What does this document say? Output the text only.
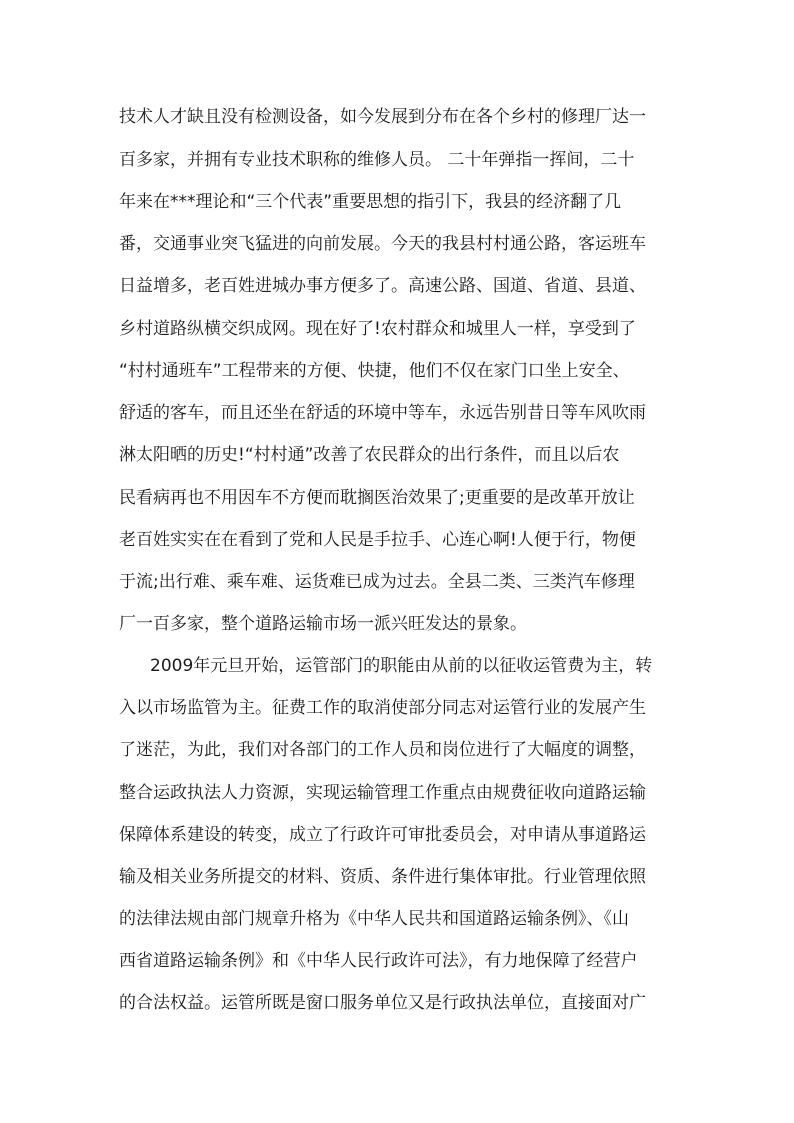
技术人才缺且没有检测设备，如今发展到分布在各个乡村的修理厂达一
百多家，并拥有专业技术职称的维修人员。 二十年弹指一挥间，二十
年来在***理论和“三个代表”重要思想的指引下，我县的经济翻了几
番，交通事业突飞猛进的向前发展。今天的我县村村通公路，客运班车
日益增多，老百姓进城办事方便多了。高速公路、国道、省道、县道、
乡村道路纵横交织成网。现在好了!农村群众和城里人一样，享受到了
“村村通班车”工程带来的方便、快捷，他们不仅在家门口坐上安全、
舒适的客车，而且还坐在舒适的环境中等车，永远告别昔日等车风吹雨
淋太阳晒的历史!“村村通”改善了农民群众的出行条件，而且以后农
民看病再也不用因车不方便而耽搁医治效果了;更重要的是改革开放让
老百姓实实在在看到了党和人民是手拉手、心连心啊!人便于行，物便
于流;出行难、乘车难、运货难已成为过去。全县二类、三类汽车修理
厂一百多家，整个道路运输市场一派兴旺发达的景象。
2009年元旦开始，运管部门的职能由从前的以征收运管费为主，转
入以市场监管为主。征费工作的取消使部分同志对运管行业的发展产生
了迷茫，为此，我们对各部门的工作人员和岗位进行了大幅度的调整，
整合运政执法人力资源，实现运输管理工作重点由规费征收向道路运输
保障体系建设的转变，成立了行政许可审批委员会，对申请从事道路运
输及相关业务所提交的材料、资质、条件进行集体审批。行业管理依照
的法律法规由部门规章升格为《中华人民共和国道路运输条例》、《山
西省道路运输条例》和《中华人民行政许可法》，有力地保障了经营户
的合法权益。运管所既是窗口服务单位又是行政执法单位，直接面对广
